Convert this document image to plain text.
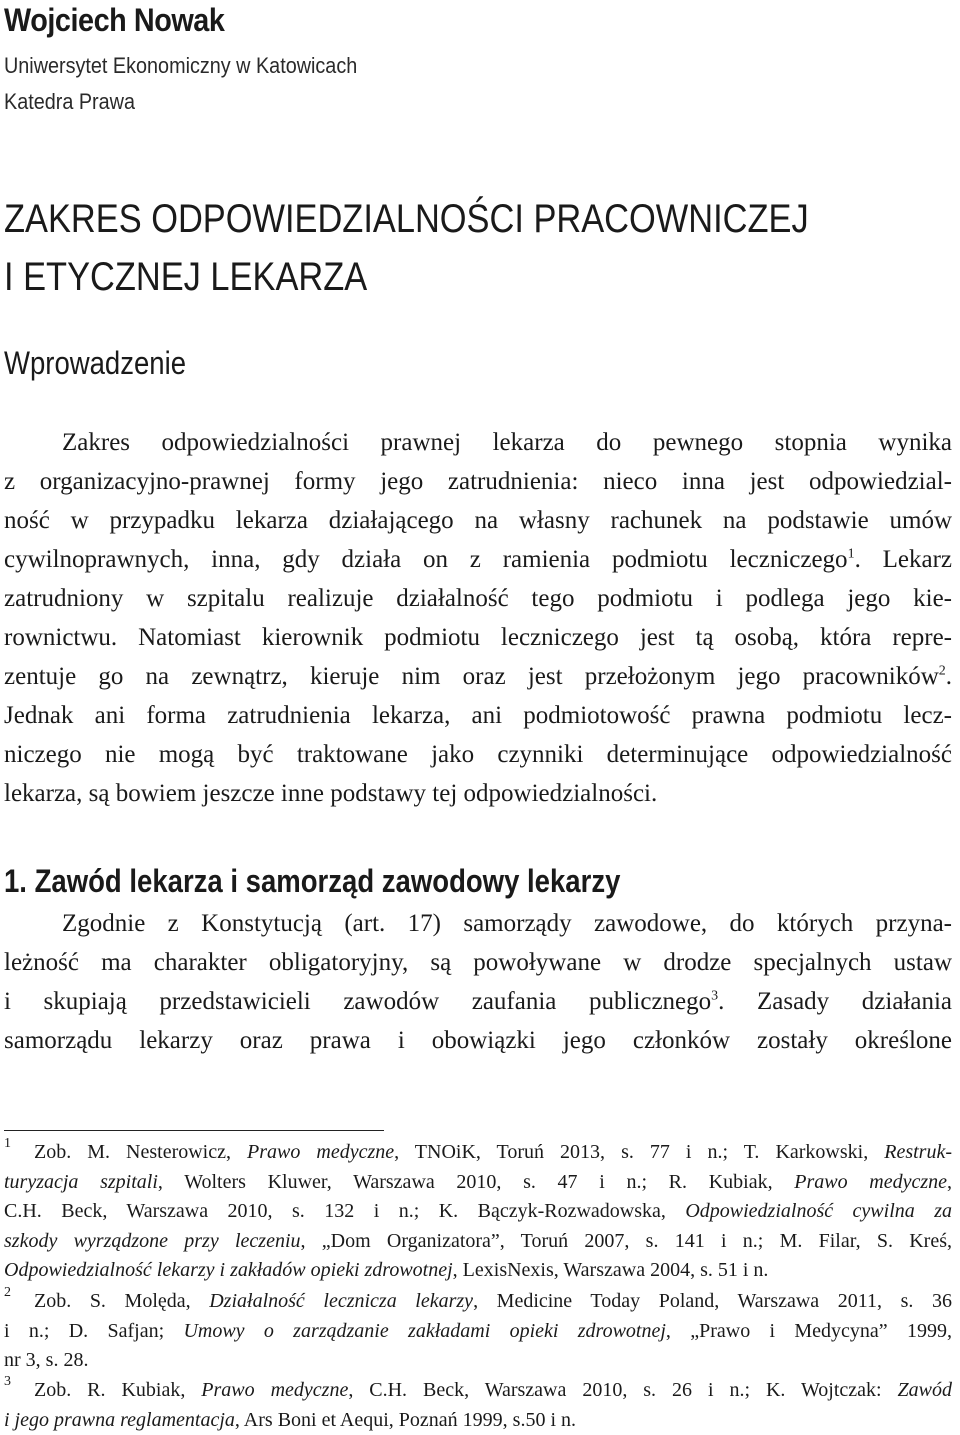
Wojciech Nowak
Uniwersytet Ekonomiczny w Katowicach
Katedra Prawa
ZAKRES ODPOWIEDZIALNOŚCI PRACOWNICZEJ
I ETYCZNEJ LEKARZA
Wprowadzenie
Zakres odpowiedzialności prawnej lekarza do pewnego stopnia wynika
z organizacyjno-prawnej formy jego zatrudnienia: nieco inna jest odpowiedzial-
ność w przypadku lekarza działającego na własny rachunek na podstawie umów
cywilnoprawnych, inna, gdy działa on z ramienia podmiotu leczniczego$^1$. Lekarz
zatrudniony w szpitalu realizuje działalność tego podmiotu i podlega jego kie-
rownictwu. Natomiast kierownik podmiotu leczniczego jest tą osobą, która repre-
zentuje go na zewnątrz, kieruje nim oraz jest przełożonym jego pracowników$^2$.
Jednak ani forma zatrudnienia lekarza, ani podmiotowość prawna podmiotu lecz-
niczego nie mogą być traktowane jako czynniki determinujące odpowiedzialność
lekarza, są bowiem jeszcze inne podstawy tej odpowiedzialności.
1. Zawód lekarza i samorząd zawodowy lekarzy
Zgodnie z Konstytucją (art. 17) samorządy zawodowe, do których przyna-
leżność ma charakter obligatoryjny, są powoływane w drodze specjalnych ustaw
i skupiają przedstawicieli zawodów zaufania publicznego$^3$. Zasady działania
samorządu lekarzy oraz prawa i obowiązki jego członków zostały określone
1 Zob. M. Nesterowicz, Prawo medyczne, TNOiK, Toruń 2013, s. 77 i n.; T. Karkowski, Restruk-
turyzacja szpitali, Wolters Kluwer, Warszawa 2010, s. 47 i n.; R. Kubiak, Prawo medyczne,
C.H. Beck, Warszawa 2010, s. 132 i n.; K. Bączyk-Rozwadowska, Odpowiedzialność cywilna za
szkody wyrządzone przy leczeniu, „Dom Organizatora”, Toruń 2007, s. 141 i n.; M. Filar, S. Kreś,
Odpowiedzialność lekarzy i zakładów opieki zdrowotnej, LexisNexis, Warszawa 2004, s. 51 i n.
2 Zob. S. Molęda, Działalność lecznicza lekarzy, Medicine Today Poland, Warszawa 2011, s. 36
i n.; D. Safjan; Umowy o zarządzanie zakładami opieki zdrowotnej, „Prawo i Medycyna” 1999,
nr 3, s. 28.
3 Zob. R. Kubiak, Prawo medyczne, C.H. Beck, Warszawa 2010, s. 26 i n.; K. Wojtczak: Zawód
i jego prawna reglamentacja, Ars Boni et Aequi, Poznań 1999, s.50 i n.
